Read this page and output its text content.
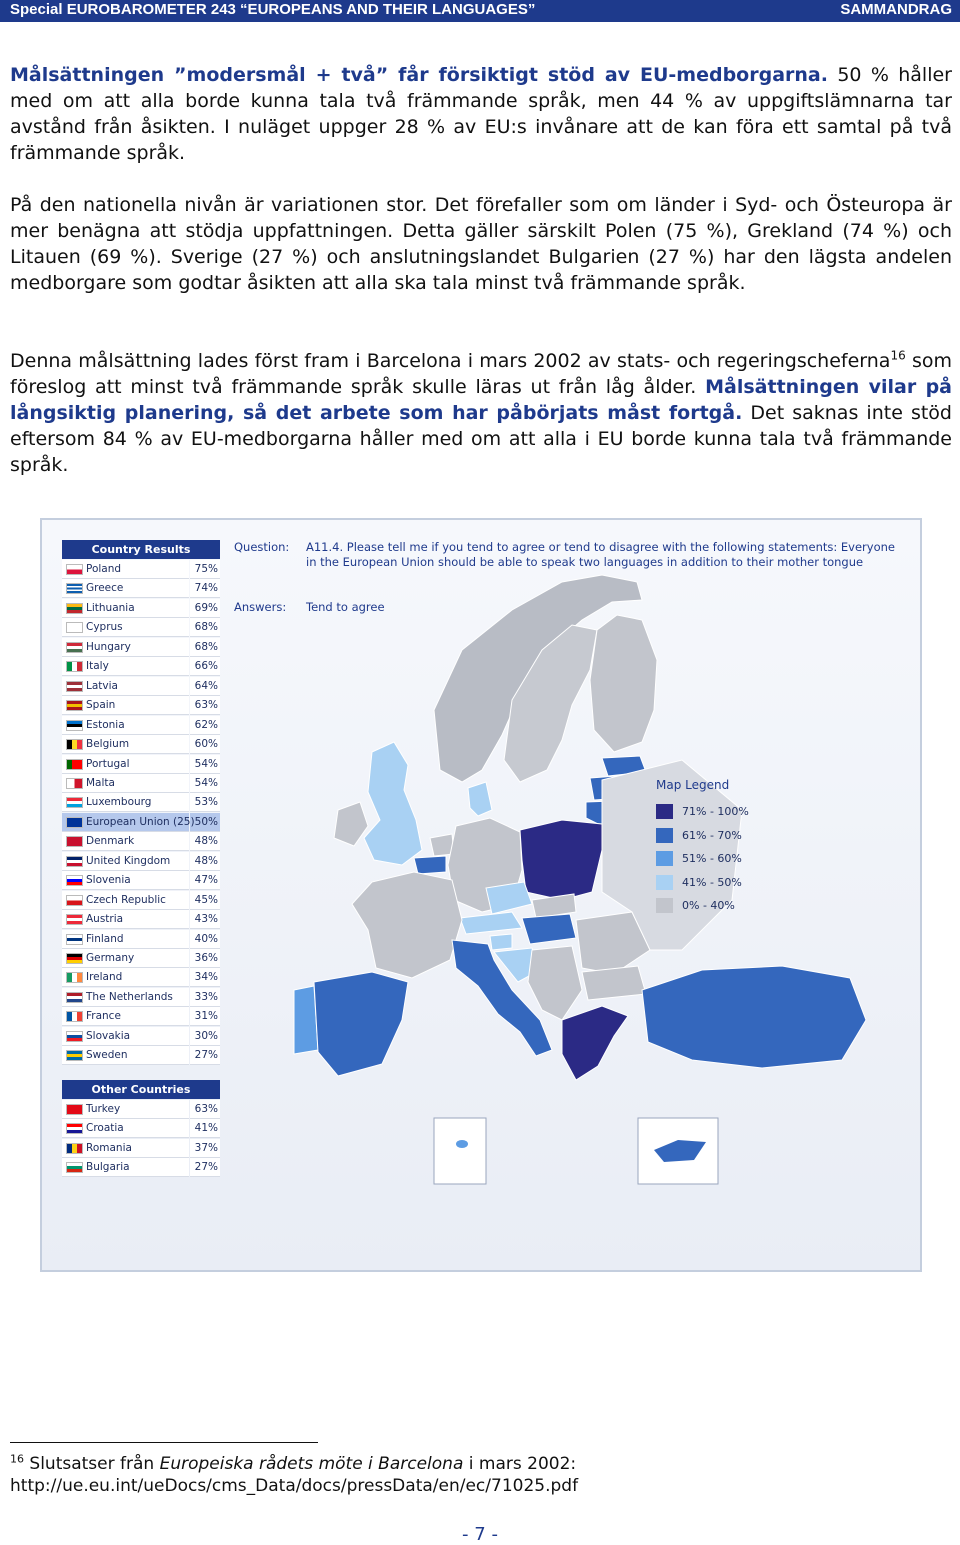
Special EUROBAROMETER 243 “EUROPEANS AND THEIR LANGUAGES”	SAMMANDRAG
Målsättningen ”modersmål + två” får försiktigt stöd av EU-medborgarna. 50 % håller med om att alla borde kunna tala två främmande språk, men 44 % av uppgiftslämnarna tar avstånd från åsikten. I nuläget uppger 28 % av EU:s invånare att de kan föra ett samtal på två främmande språk.
På den nationella nivån är variationen stor. Det förefaller som om länder i Syd- och Östeuropa är mer benägna att stödja uppfattningen. Detta gäller särskilt Polen (75 %), Grekland (74 %) och Litauen (69 %). Sverige (27 %) och anslutningslandet Bulgarien (27 %) har den lägsta andelen medborgare som godtar åsikten att alla ska tala minst två främmande språk.
Denna målsättning lades först fram i Barcelona i mars 2002 av stats- och regeringscheferna$^{16}$ som föreslog att minst två främmande språk skulle läras ut från låg ålder. Målsättningen vilar på långsiktig planering, så det arbete som har påbörjats måst fortgå. Det saknas inte stöd eftersom 84 % av EU-medborgarna håller med om att alla i EU borde kunna tala två främmande språk.
Country Results
Poland	75%
Greece	74%
Lithuania	69%
Cyprus	68%
Hungary	68%
Italy	66%
Latvia	64%
Spain	63%
Estonia	62%
Belgium	60%
Portugal	54%
Malta	54%
Luxembourg	53%
European Union (25) 50%
Denmark	48%
United Kingdom 48%
Slovenia	47%
Czech Republic	45%
Austria	43%
Finland	40%
Germany	36%
Ireland	34%
The Netherlands 33%
France	31%
Slovakia	30%
Sweden	27%
Other Countries
Turkey	63%
Croatia	41%
Romania	37%
Bulgaria	27%
Question: A11.4. Please tell me if you tend to agree or tend to disagree with the following statements: Everyone in the European Union should be able to speak two languages in addition to their mother tongue
Answers: Tend to agree
Map Legend
71% - 100%
61% - 70%
51% - 60%
41% - 50%
0% - 40%
$^{16}$ Slutsatser från Europeiska rådets möte i Barcelona i mars 2002:
http://ue.eu.int/ueDocs/cms_Data/docs/pressData/en/ec/71025.pdf
- 7 -
